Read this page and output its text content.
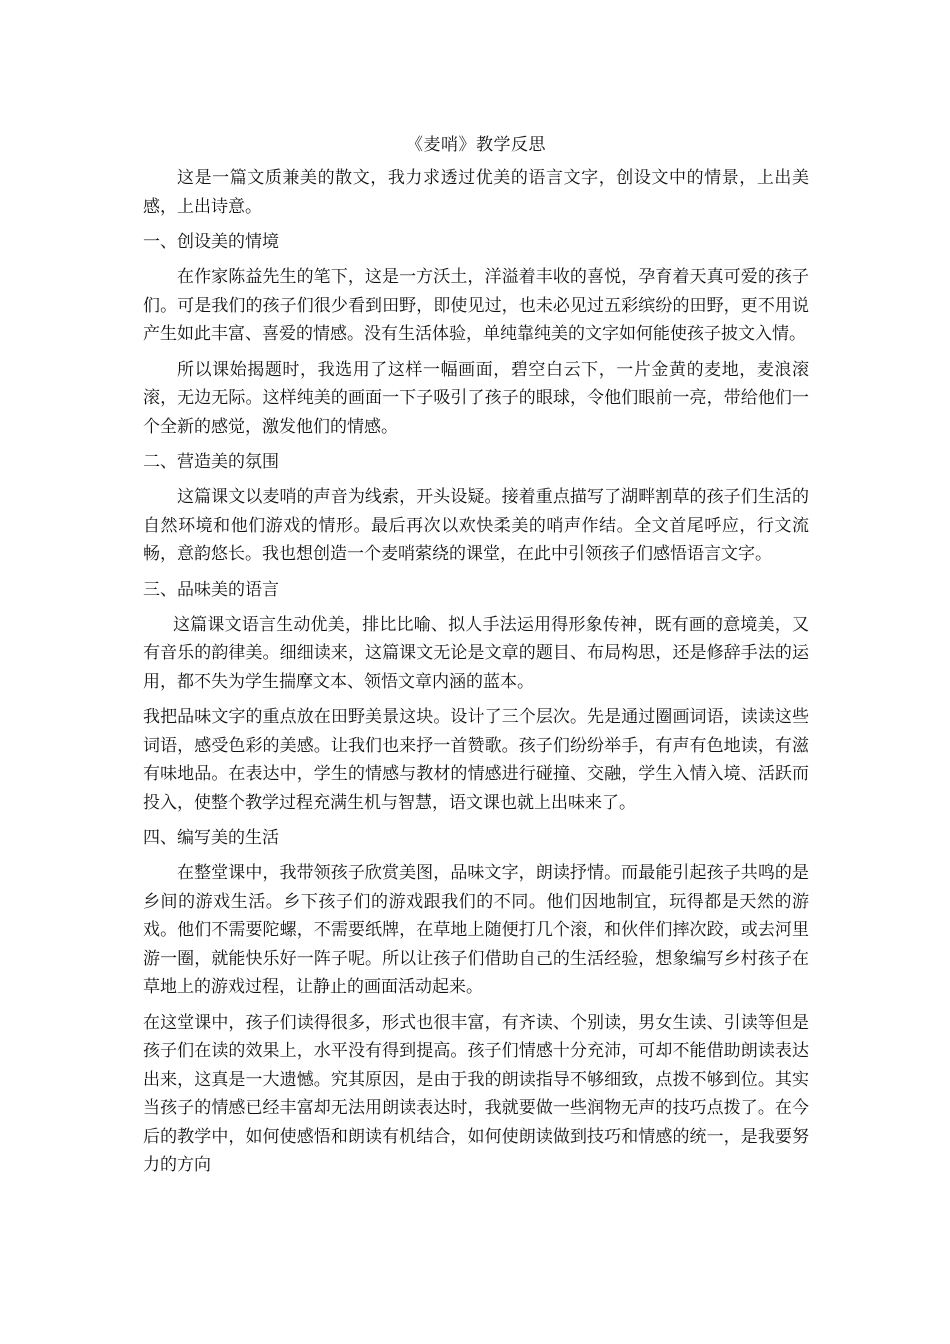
《麦哨》教学反思

这是一篇文质兼美的散文，我力求透过优美的语言文字，创设文中的情景，上出美感，上出诗意。

一、创设美的情境

在作家陈益先生的笔下，这是一方沃土，洋溢着丰收的喜悦，孕育着天真可爱的孩子们。可是我们的孩子们很少看到田野，即使见过，也未必见过五彩缤纷的田野，更不用说产生如此丰富、喜爱的情感。没有生活体验，单纯靠纯美的文字如何能使孩子披文入情。

所以课始揭题时，我选用了这样一幅画面，碧空白云下，一片金黄的麦地，麦浪滚滚，无边无际。这样纯美的画面一下子吸引了孩子的眼球，令他们眼前一亮，带给他们一个全新的感觉，激发他们的情感。

二、营造美的氛围

这篇课文以麦哨的声音为线索，开头设疑。接着重点描写了湖畔割草的孩子们生活的自然环境和他们游戏的情形。最后再次以欢快柔美的哨声作结。全文首尾呼应，行文流畅，意韵悠长。我也想创造一个麦哨萦绕的课堂，在此中引领孩子们感悟语言文字。

三、品味美的语言

这篇课文语言生动优美，排比比喻、拟人手法运用得形象传神，既有画的意境美，又有音乐的韵律美。细细读来，这篇课文无论是文章的题目、布局构思，还是修辞手法的运用，都不失为学生揣摩文本、领悟文章内涵的蓝本。

我把品味文字的重点放在田野美景这块。设计了三个层次。先是通过圈画词语，读读这些词语，感受色彩的美感。让我们也来抒一首赞歌。孩子们纷纷举手，有声有色地读，有滋有味地品。在表达中，学生的情感与教材的情感进行碰撞、交融，学生入情入境、活跃而投入，使整个教学过程充满生机与智慧，语文课也就上出味来了。

四、编写美的生活

在整堂课中，我带领孩子欣赏美图，品味文字，朗读抒情。而最能引起孩子共鸣的是乡间的游戏生活。乡下孩子们的游戏跟我们的不同。他们因地制宜，玩得都是天然的游戏。他们不需要陀螺，不需要纸牌，在草地上随便打几个滚，和伙伴们摔次跤，或去河里游一圈，就能快乐好一阵子呢。所以让孩子们借助自己的生活经验，想象编写乡村孩子在草地上的游戏过程，让静止的画面活动起来。

在这堂课中，孩子们读得很多，形式也很丰富，有齐读、个别读，男女生读、引读等但是孩子们在读的效果上，水平没有得到提高。孩子们情感十分充沛，可却不能借助朗读表达出来，这真是一大遗憾。究其原因，是由于我的朗读指导不够细致，点拨不够到位。其实当孩子的情感已经丰富却无法用朗读表达时，我就要做一些润物无声的技巧点拨了。在今后的教学中，如何使感悟和朗读有机结合，如何使朗读做到技巧和情感的统一，是我要努力的方向
